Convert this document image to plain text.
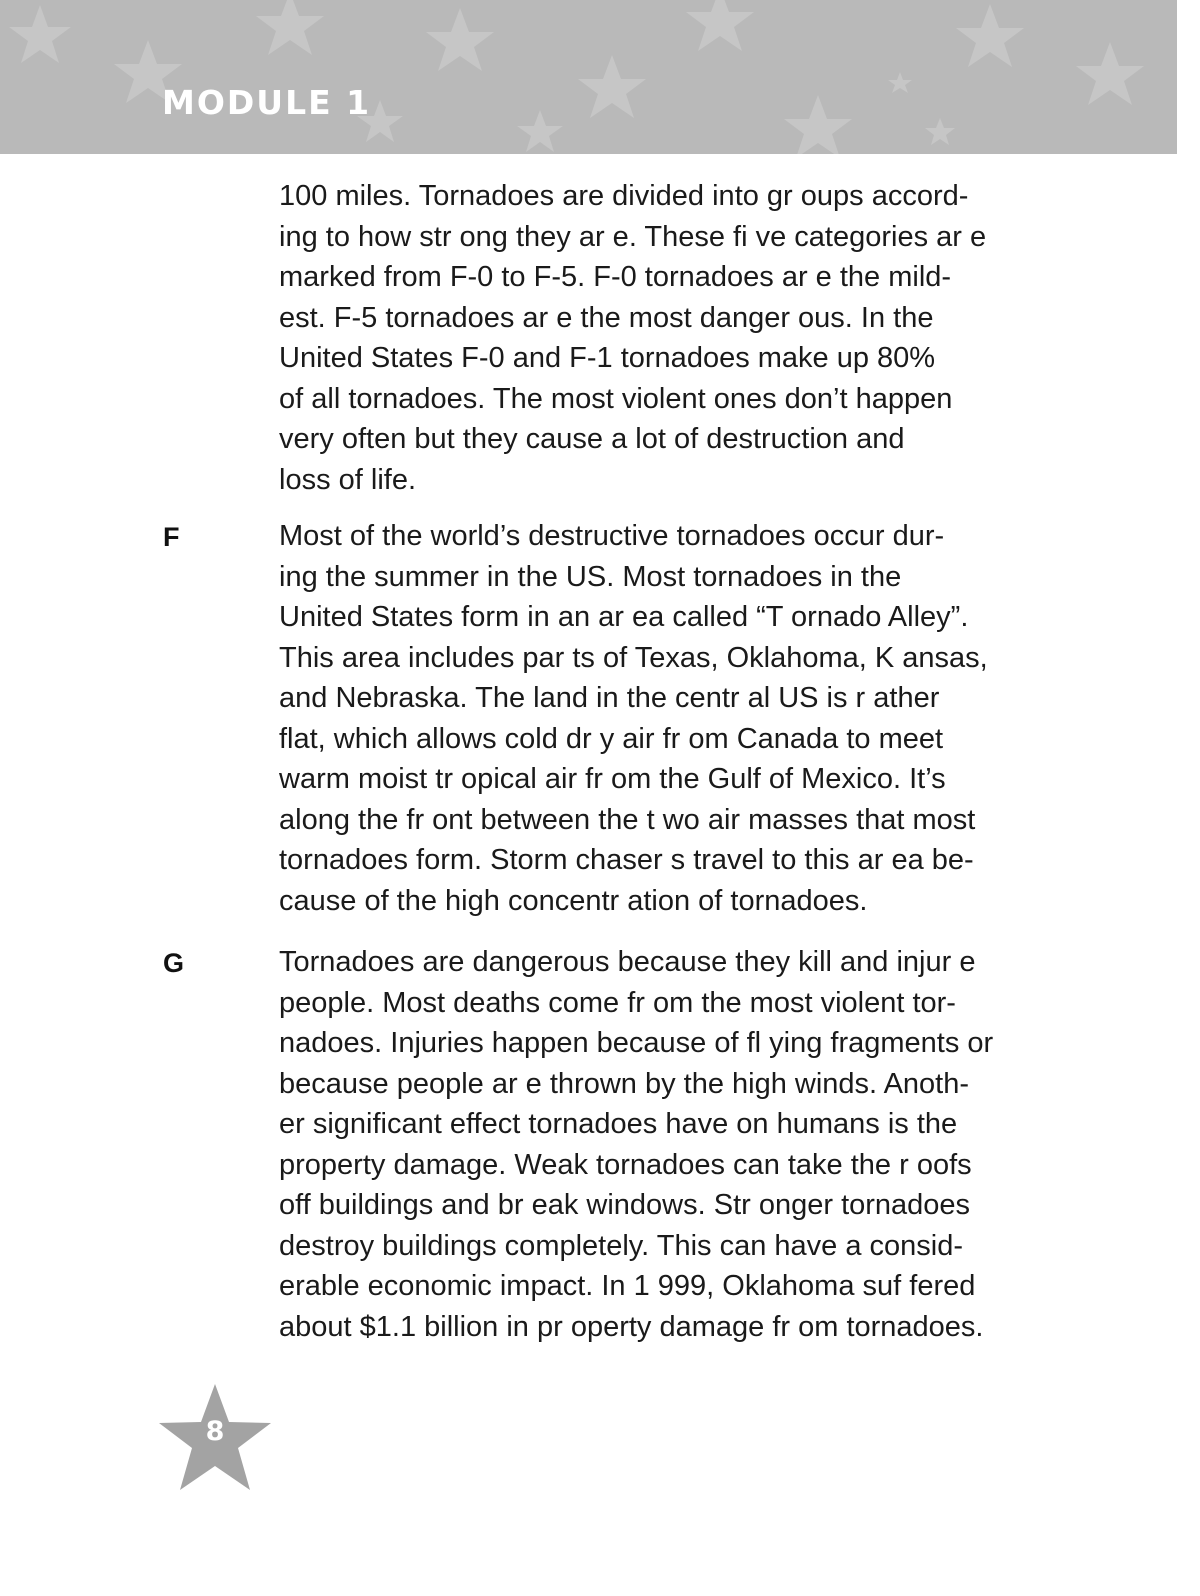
MODULE 1
100 miles. Tornadoes are divided into gr oups accord-
ing to how str ong they ar e. These fi ve categories ar e
marked from F-0 to F-5. F-0 tornadoes ar e the mild-
est. F-5 tornadoes ar e the most danger ous. In the
United States F-0 and F-1 tornadoes make up 80%
of all tornadoes. The most violent ones don’t happen
very often but they cause a lot of destruction and
loss of life.
F	Most of the world’s destructive tornadoes occur dur-
ing the summer in the US. Most tornadoes in the
United States form in an ar ea called “T ornado Alley”.
This area includes par ts of Texas, Oklahoma, K ansas,
and Nebraska. The land in the centr al US is r ather
flat, which allows cold dr y air fr om Canada to meet
warm moist tr opical air fr om the Gulf of Mexico. It’s
along the fr ont between the t wo air masses that most
tornadoes form. Storm chaser s travel to this ar ea be-
cause of the high concentr ation of tornadoes.
G	Tornadoes are dangerous because they kill and injur e
people. Most deaths come fr om the most violent tor-
nadoes. Injuries happen because of fl ying fragments or
because people ar e thrown by the high winds. Anoth-
er significant effect tornadoes have on humans is the
property damage. Weak tornadoes can take the r oofs
off buildings and br eak windows. Str onger tornadoes
destroy buildings completely. This can have a consid-
erable economic impact. In 1 999, Oklahoma suf fered
about $1.1 billion in pr operty damage fr om tornadoes.
8
